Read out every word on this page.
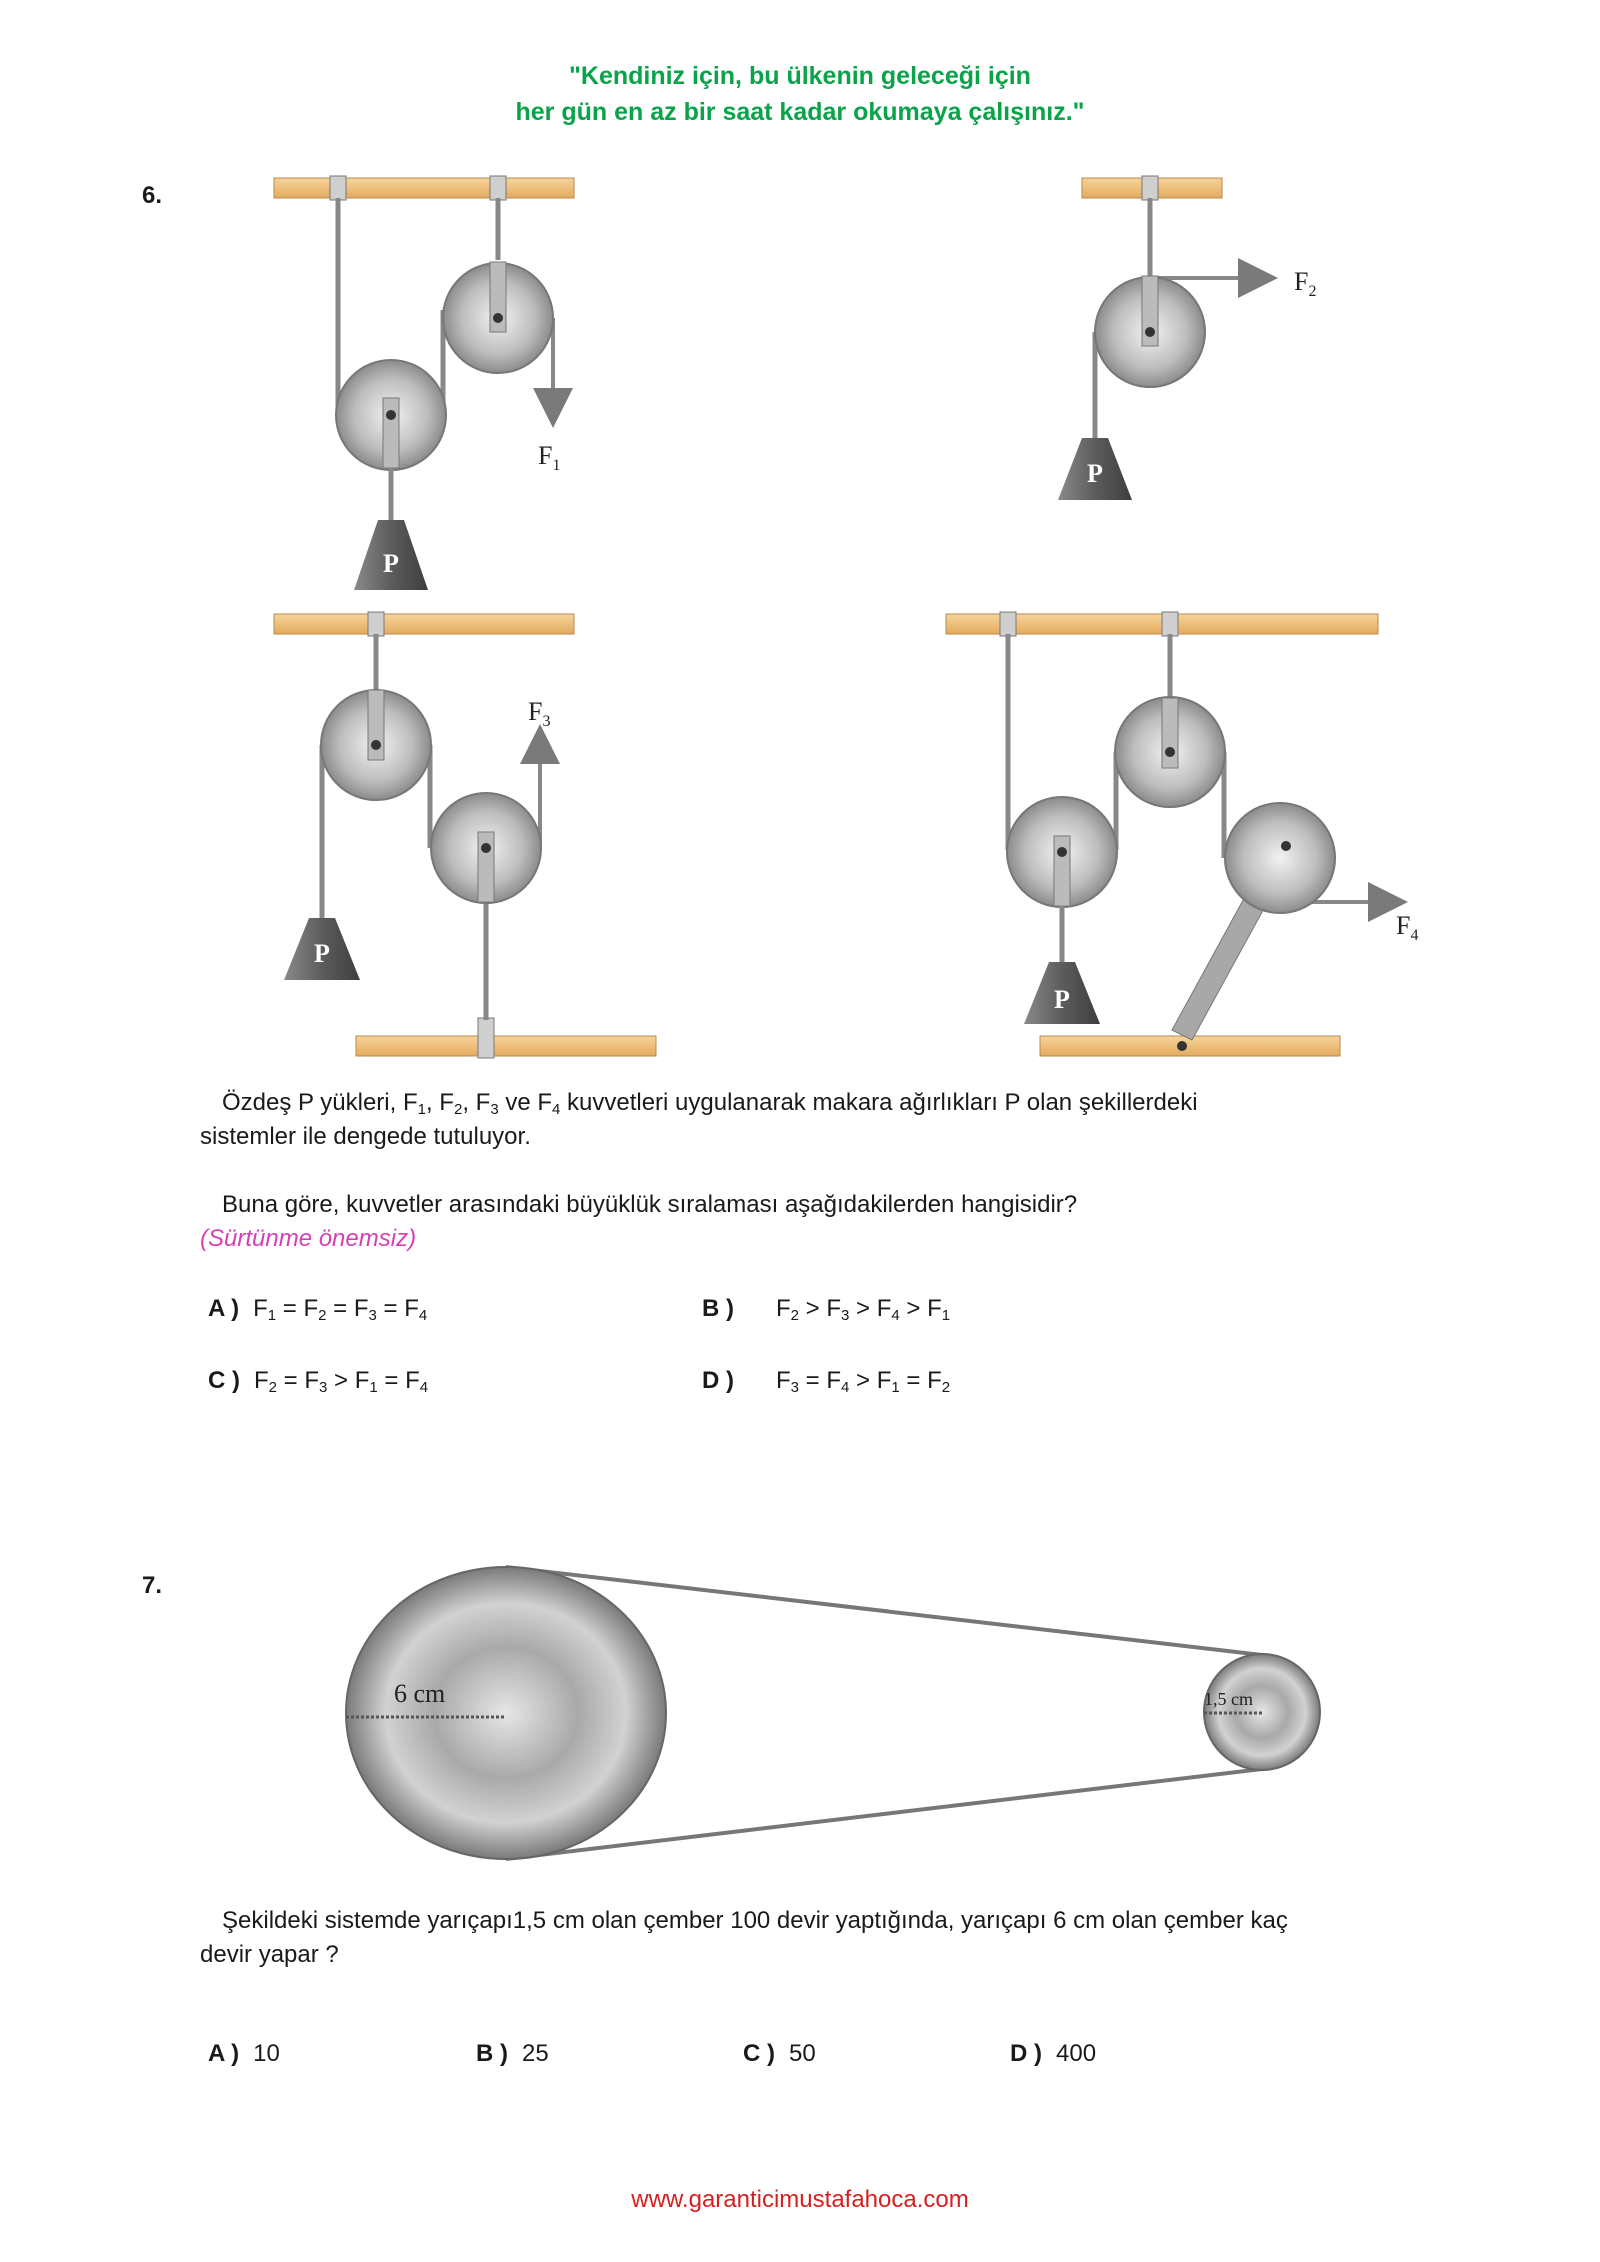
"Kendiniz için, bu ülkenin geleceği için
her gün en az bir saat kadar okumaya çalışınız."
6.
P
$F_1$	P
$F_2$
P
$F_3$
P
$F_4$
Özdeş P yükleri, $F_1$, $F_2$, $F_3$ ve $F_4$ kuvvetleri uygulanarak makara ağırlıkları P olan şekillerdeki
sistemler ile dengede tutuluyor.
Buna göre, kuvvetler arasındaki büyüklük sıralaması aşağıdakilerden hangisidir?
(Sürtünme önemsiz)
A ) $F_1 = F_2 = F_3 = F_4$	B ) $F_2 > F_3 > F_4 > F_1$
C ) $F_2 = F_3 > F_1 = F_4$	D ) $F_3 = F_4 > F_1 = F_2$
7.
6 cm	1,5 cm
Şekildeki sistemde yarıçapı1,5 cm olan çember 100 devir yaptığında, yarıçapı 6 cm olan çember kaç
devir yapar ?
A ) 10	B ) 25	C ) 50	D ) 400
www.garanticimustafahoca.com
